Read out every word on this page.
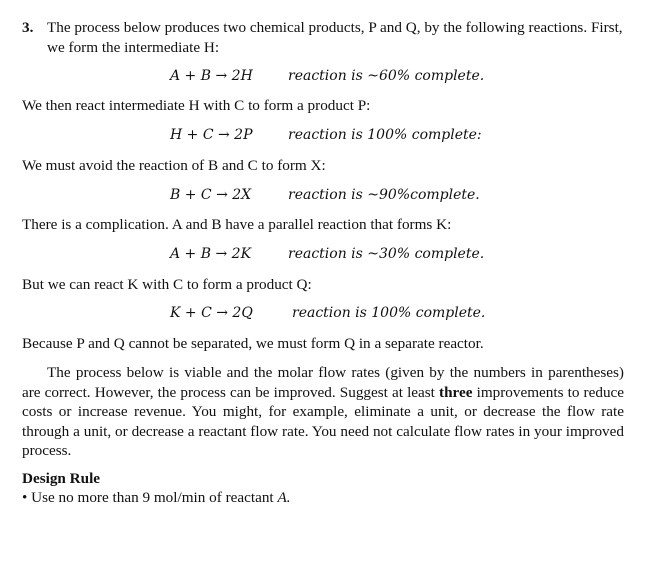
3. The process below produces two chemical products, P and Q, by the following reactions. First,
we form the intermediate H:
A + B → 2H	reaction is ~60% complete.
We then react intermediate H with C to form a product P:
H + C → 2P	reaction is 100% complete:
We must avoid the reaction of B and C to form X:
B + C → 2X	reaction is ~90%complete.
There is a complication. A and B have a parallel reaction that forms K:
A + B → 2K	reaction is ~30% complete.
But we can react K with C to form a product Q:
K + C → 2Q	reaction is 100% complete.
Because P and Q cannot be separated, we must form Q in a separate reactor.
The process below is viable and the molar flow rates (given by the numbers in parentheses) are correct. However, the process can be improved. Suggest at least three improvements to reduce costs or increase revenue. You might, for example, eliminate a unit, or decrease the flow rate through a unit, or decrease a reactant flow rate. You need not calculate flow rates in your improved process.
Design Rule
• Use no more than 9 mol/min of reactant A.
